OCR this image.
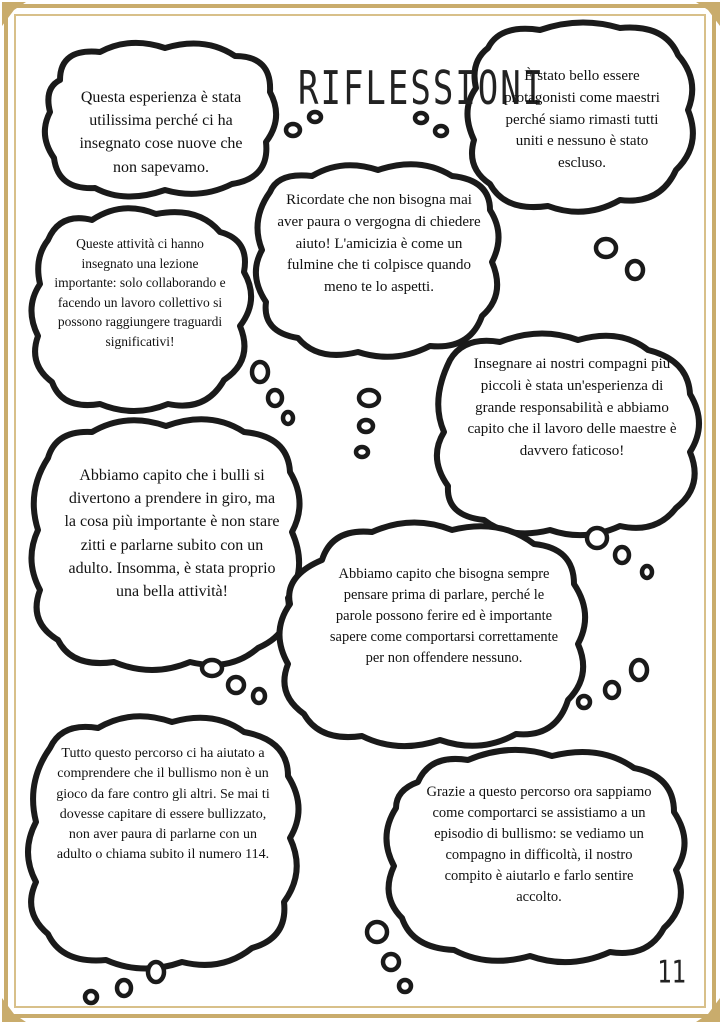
RIFLESSIONI
Questa esperienza è stata utilissima perché ci ha insegnato cose nuove che non sapevamo.
È stato bello essere protagonisti come maestri perché siamo rimasti tutti uniti e nessuno è stato escluso.
Ricordate che non bisogna mai aver paura o vergogna di chiedere aiuto! L'amicizia è come un fulmine che ti colpisce quando meno te lo aspetti.
Queste attività ci hanno insegnato una lezione importante: solo collaborando e facendo un lavoro collettivo si possono raggiungere traguardi significativi!
Insegnare ai nostri compagni più piccoli è stata un'esperienza di grande responsabilità e abbiamo capito che il lavoro delle maestre è davvero faticoso!
Abbiamo capito che i bulli si divertono a prendere in giro, ma la cosa più importante è non stare zitti e parlarne subito con un adulto. Insomma, è stata proprio una bella attività!
Abbiamo capito che bisogna sempre pensare prima di parlare, perché le parole possono ferire ed è importante sapere come comportarsi correttamente per non offendere nessuno.
Tutto questo percorso ci ha aiutato a comprendere che il bullismo non è un gioco da fare contro gli altri. Se mai ti dovesse capitare di essere bullizzato, non aver paura di parlarne con un adulto o chiama subito il numero 114.
Grazie a questo percorso ora sappiamo come comportarci se assistiamo a un episodio di bullismo: se vediamo un compagno in difficoltà, il nostro compito è aiutarlo e farlo sentire accolto.
11
